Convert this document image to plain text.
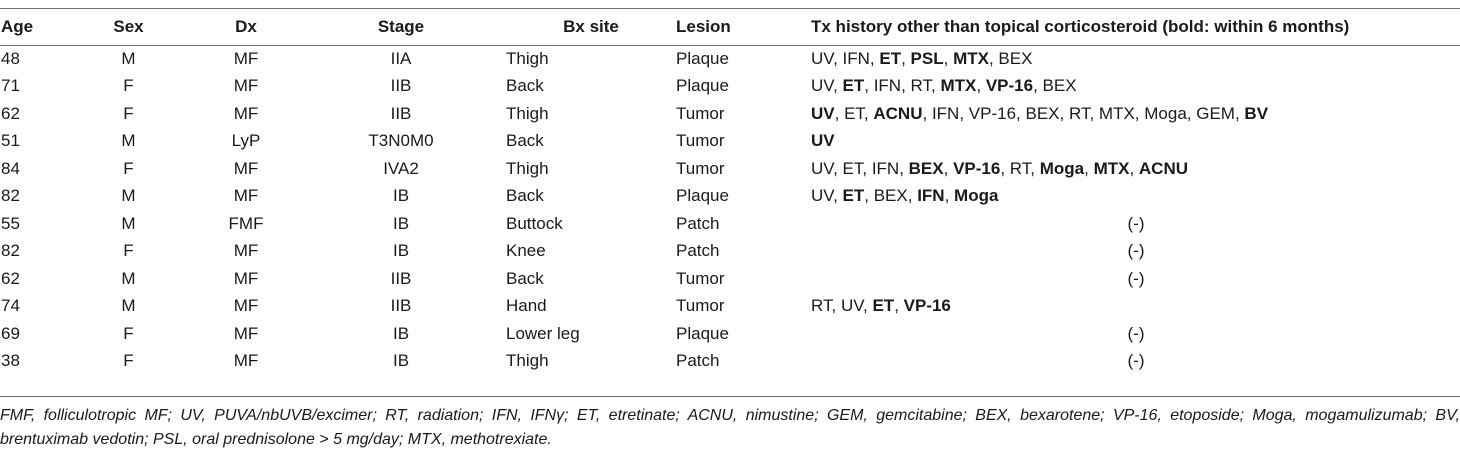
Age	Sex	Dx	Stage	Bx site	Lesion	Tx history other than topical corticosteroid (bold: within 6 months)
48	M	MF	IIA	Thigh	Plaque	UV, IFN, ET, PSL, MTX, BEX
71	F	MF	IIB	Back	Plaque	UV, ET, IFN, RT, MTX, VP-16, BEX
62	F	MF	IIB	Thigh	Tumor	UV, ET, ACNU, IFN, VP-16, BEX, RT, MTX, Moga, GEM, BV
51	M	LyP	T3N0M0	Back	Tumor	UV
84	F	MF	IVA2	Thigh	Tumor	UV, ET, IFN, BEX, VP-16, RT, Moga, MTX, ACNU
82	M	MF	IB	Back	Plaque	UV, ET, BEX, IFN, Moga
55	M	FMF	IB	Buttock	Patch	(-)

82	F	MF	IB	Knee	Patch	(-)

62	M	MF	IIB	Back	Tumor	(-)

74	M	MF	IIB	Hand	Tumor	RT, UV, ET, VP-16
69	F	MF	IB	Lower leg	Plaque	(-)

38	F	MF	IB	Thigh	Patch	(-)
FMF, folliculotropic MF; UV, PUVA/nbUVB/excimer; RT, radiation; IFN, IFNγ; ET, etretinate; ACNU, nimustine; GEM, gemcitabine; BEX, bexarotene; VP-16, etoposide; Moga, mogamulizumab; BV, brentuximab vedotin; PSL, oral prednisolone > 5 mg/day; MTX, methotrexiate.
